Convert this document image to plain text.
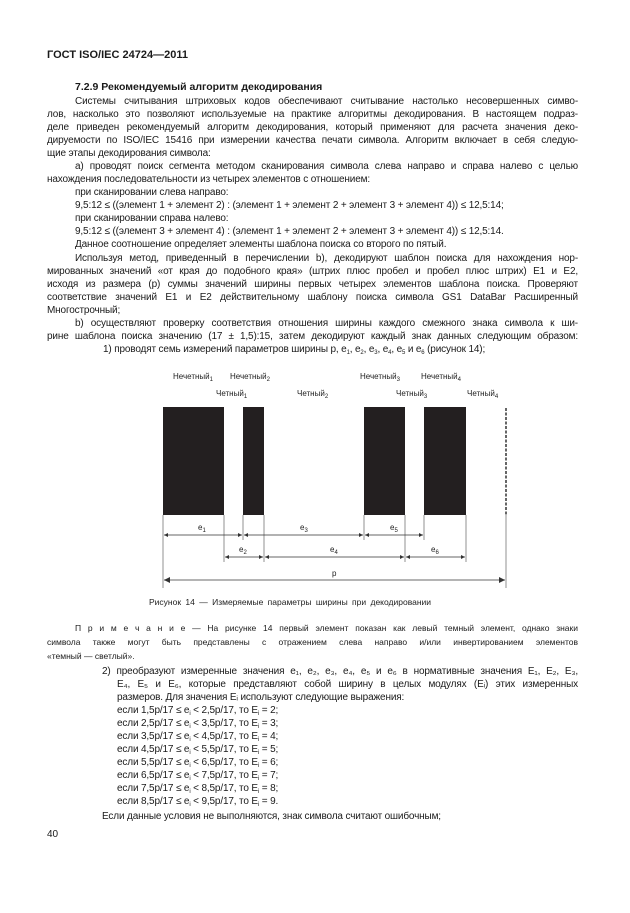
ГОСТ ISO/IEC 24724—2011
7.2.9 Рекомендуемый алгоритм декодирования
Системы считывания штриховых кодов обеспечивают считывание настолько несовершенных симво-
лов, насколько это позволяют используемые на практике алгоритмы декодирования. В настоящем подраз-
деле приведен рекомендуемый алгоритм декодирования, который применяют для расчета значения деко-
дируемости по ISO/IEC 15416 при измерении качества печати символа. Алгоритм включает в себя следую-
щие этапы декодирования символа:
а) проводят поиск сегмента методом сканирования символа слева направо и справа налево с целью
нахождения последовательности из четырех элементов с отношением:
при сканировании слева направо:
9,5:12 ≤ ((элемент 1 + элемент 2) : (элемент 1 + элемент 2 + элемент 3 + элемент 4)) ≤ 12,5:14;
при сканировании справа налево:
9,5:12 ≤ ((элемент 3 + элемент 4) : (элемент 1 + элемент 2 + элемент 3 + элемент 4)) ≤ 12,5:14.
Данное соотношение определяет элементы шаблона поиска со второго по пятый.
Используя метод, приведенный в перечислении b), декодируют шаблон поиска для нахождения нор-
мированных значений «от края до подобного края» (штрих плюс пробел и пробел плюс штрих) E1 и E2,
исходя из размера (p) суммы значений ширины первых четырех элементов шаблона поиска. Проверяют
соответствие значений E1 и E2 действительному шаблону поиска символа GS1 DataBar Расширенный
Многострочный;
b) осуществляют проверку соответствия отношения ширины каждого смежного знака символа к ши-
рине шаблона поиска значению (17 ± 1,5):15, затем декодируют каждый знак данных следующим образом:
1) проводят семь измерений параметров ширины p, $e_1$, $e_2$, $e_3$, $e_4$, $e_5$ и $e_6$ (рисунок 14);
Нечетный$_1$ Нечетный$_2$	Нечетный$_3$	Нечетный$_4$
Четный$_1$	Четный$_2$	Четный$_3$	Четный$_4$
$e_1$	$e_3$	$e_5$
$e_2$	$e_4$	$e_6$
p
Рисунок 14 — Измеряемые параметры ширины при декодировании
П р и м е ч а н и е — На рисунке 14 первый элемент показан как левый темный элемент, однако знаки
символа также могут быть представлены с отражением слева направо и/или инвертированием элементов
«темный — светлый».
2) преобразуют измеренные значения e₁, e₂, e₃, e₄, e₅ и e₆ в нормативные значения E₁, E₂, E₃,
E₄, E₅ и E₆, которые представляют собой ширину в целых модулях (Eᵢ) этих измеренных
размеров. Для значения Eᵢ используют следующие выражения:
если $1,5p/17 \le e_i < 2,5p/17$, то $E_i = 2$;
если $2,5p/17 \le e_i < 3,5p/17$, то $E_i = 3$;
если $3,5p/17 \le e_i < 4,5p/17$, то $E_i = 4$;
если $4,5p/17 \le e_i < 5,5p/17$, то $E_i = 5$;
если $5,5p/17 \le e_i < 6,5p/17$, то $E_i = 6$;
если $6,5p/17 \le e_i < 7,5p/17$, то $E_i = 7$;
если $7,5p/17 \le e_i < 8,5p/17$, то $E_i = 8$;
если $8,5p/17 \le e_i < 9,5p/17$, то $E_i = 9$.
Если данные условия не выполняются, знак символа считают ошибочным;
40
